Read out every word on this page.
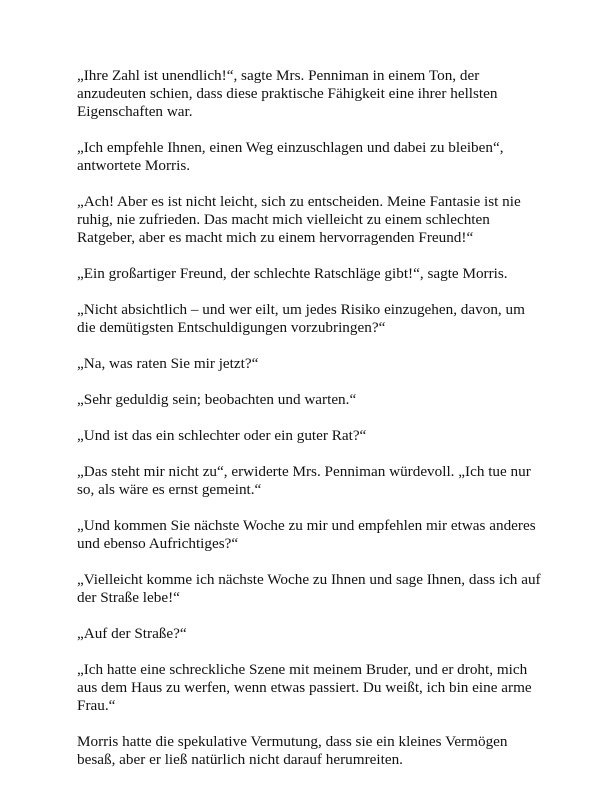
„Ihre Zahl ist unendlich!“, sagte Mrs. Penniman in einem Ton, der anzudeuten schien, dass diese praktische Fähigkeit eine ihrer hellsten Eigenschaften war.

„Ich empfehle Ihnen, einen Weg einzuschlagen und dabei zu bleiben“, antwortete Morris.

„Ach! Aber es ist nicht leicht, sich zu entscheiden. Meine Fantasie ist nie ruhig, nie zufrieden. Das macht mich vielleicht zu einem schlechten Ratgeber, aber es macht mich zu einem hervorragenden Freund!“

„Ein großartiger Freund, der schlechte Ratschläge gibt!“, sagte Morris.

„Nicht absichtlich – und wer eilt, um jedes Risiko einzugehen, davon, um die demütigsten Entschuldigungen vorzubringen?“

„Na, was raten Sie mir jetzt?“

„Sehr geduldig sein; beobachten und warten.“

„Und ist das ein schlechter oder ein guter Rat?“

„Das steht mir nicht zu“, erwiderte Mrs. Penniman würdevoll. „Ich tue nur so, als wäre es ernst gemeint.“

„Und kommen Sie nächste Woche zu mir und empfehlen mir etwas anderes und ebenso Aufrichtiges?“

„Vielleicht komme ich nächste Woche zu Ihnen und sage Ihnen, dass ich auf der Straße lebe!“

„Auf der Straße?“

„Ich hatte eine schreckliche Szene mit meinem Bruder, und er droht, mich aus dem Haus zu werfen, wenn etwas passiert. Du weißt, ich bin eine arme Frau.“

Morris hatte die spekulative Vermutung, dass sie ein kleines Vermögen besaß, aber er ließ natürlich nicht darauf herumreiten.
